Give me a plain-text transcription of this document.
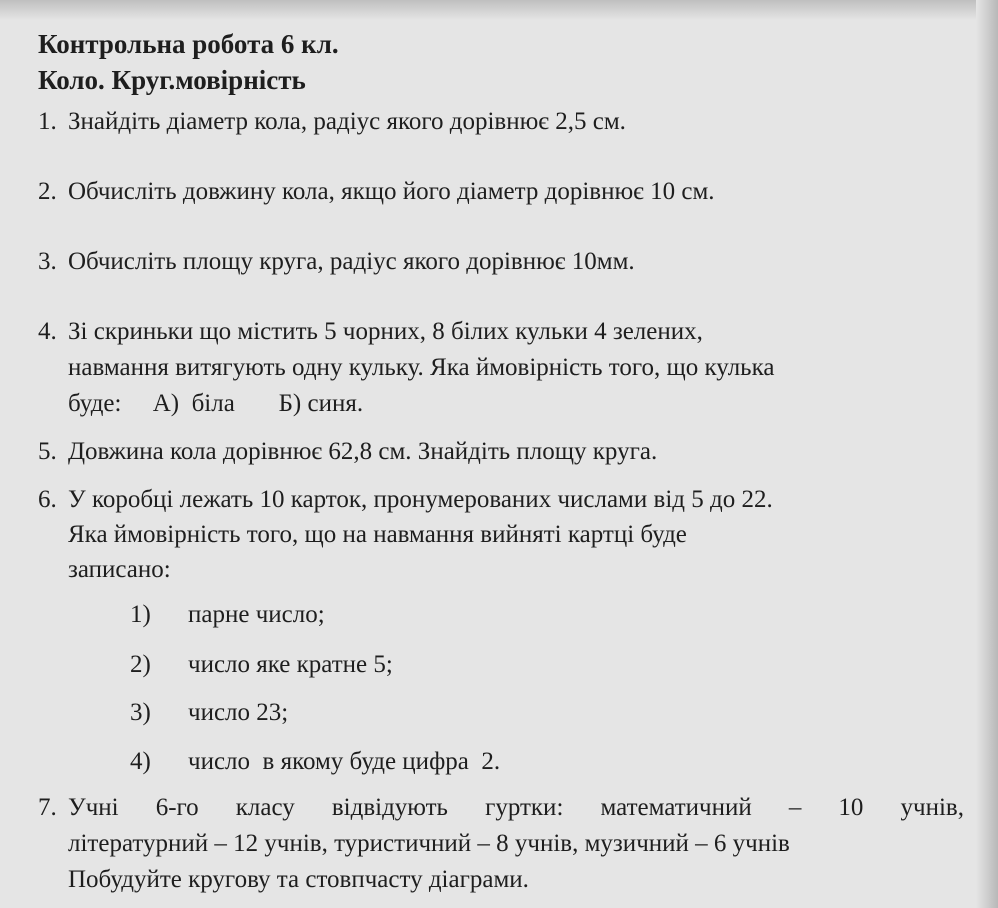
Контрольна робота 6 кл.
Коло. Круг.мовірність
1. Знайдіть діаметр кола, радіус якого дорівнює 2,5 см.
2. Обчисліть довжину кола, якщо його діаметр дорівнює 10 см.
3. Обчисліть площу круга, радіус якого дорівнює 10мм.
4. Зі скриньки що містить 5 чорних, 8 білих кульки 4 зелених,
навмання витягують одну кульку. Яка ймовірність того, що кулька
буде:     А)  біла       Б) синя.
5. Довжина кола дорівнює 62,8 см. Знайдіть площу круга.
6. У коробці лежать 10 карток, пронумерованих числами від 5 до 22.
Яка ймовірність того, що на навмання вийняті картці буде
записано:
1) парне число;
2) число яке кратне 5;
3) число 23;
4) число  в якому буде цифра  2.
7. Учні 6-го класу відвідують гуртки: математичний – 10 учнів,
літературний – 12 учнів, туристичний – 8 учнів, музичний – 6 учнів
Побудуйте кругову та стовпчасту діаграми.
